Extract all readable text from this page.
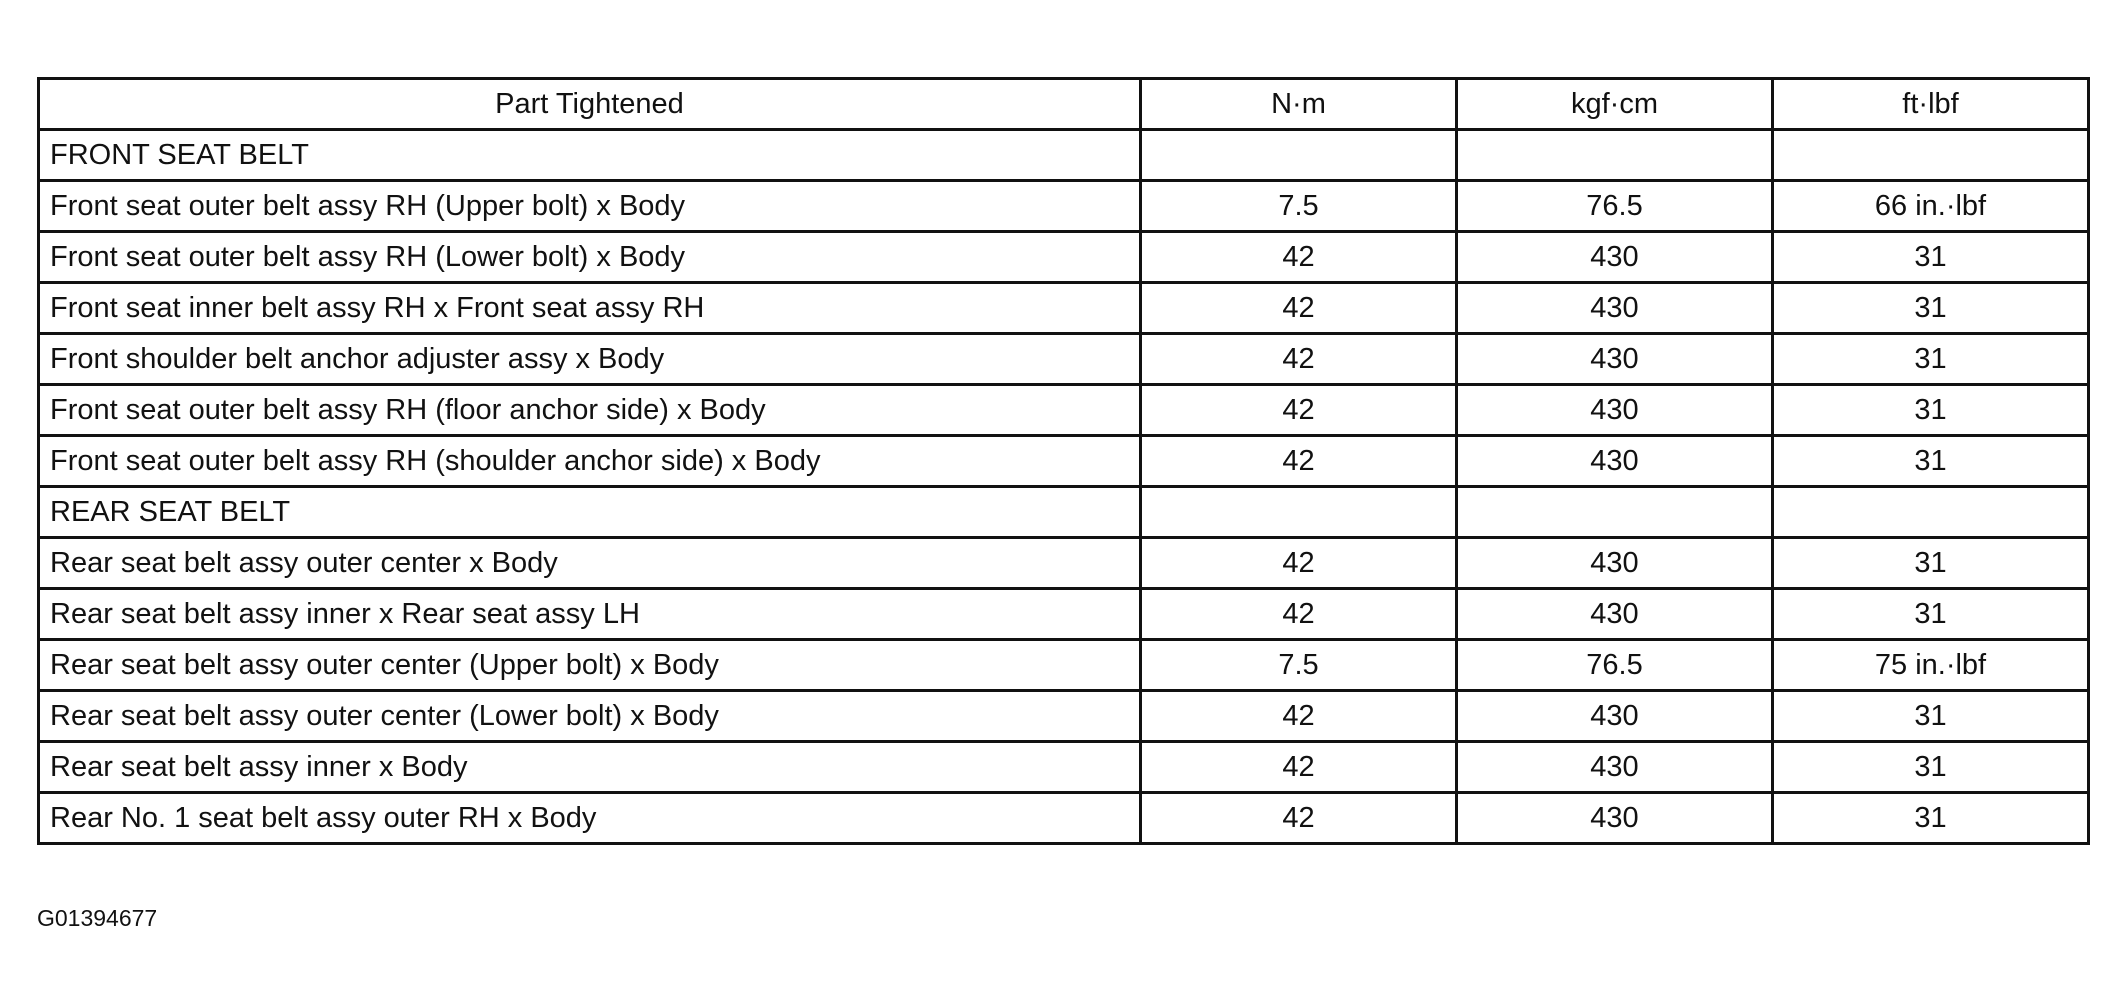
Part Tightened	N·m	kgf·cm	ft·lbf
FRONT SEAT BELT			
Front seat outer belt assy RH (Upper bolt) x Body	7.5	76.5	66 in.·lbf
Front seat outer belt assy RH (Lower bolt) x Body	42	430	31
Front seat inner belt assy RH x Front seat assy RH	42	430	31
Front shoulder belt anchor adjuster assy x Body	42	430	31
Front seat outer belt assy RH (floor anchor side) x Body	42	430	31
Front seat outer belt assy RH (shoulder anchor side) x Body	42	430	31
REAR SEAT BELT			
Rear seat belt assy outer center x Body	42	430	31
Rear seat belt assy inner x Rear seat assy LH	42	430	31
Rear seat belt assy outer center (Upper bolt) x Body	7.5	76.5	75 in.·lbf
Rear seat belt assy outer center (Lower bolt) x Body	42	430	31
Rear seat belt assy inner x Body	42	430	31
Rear No. 1 seat belt assy outer RH x Body	42	430	31
G01394677
